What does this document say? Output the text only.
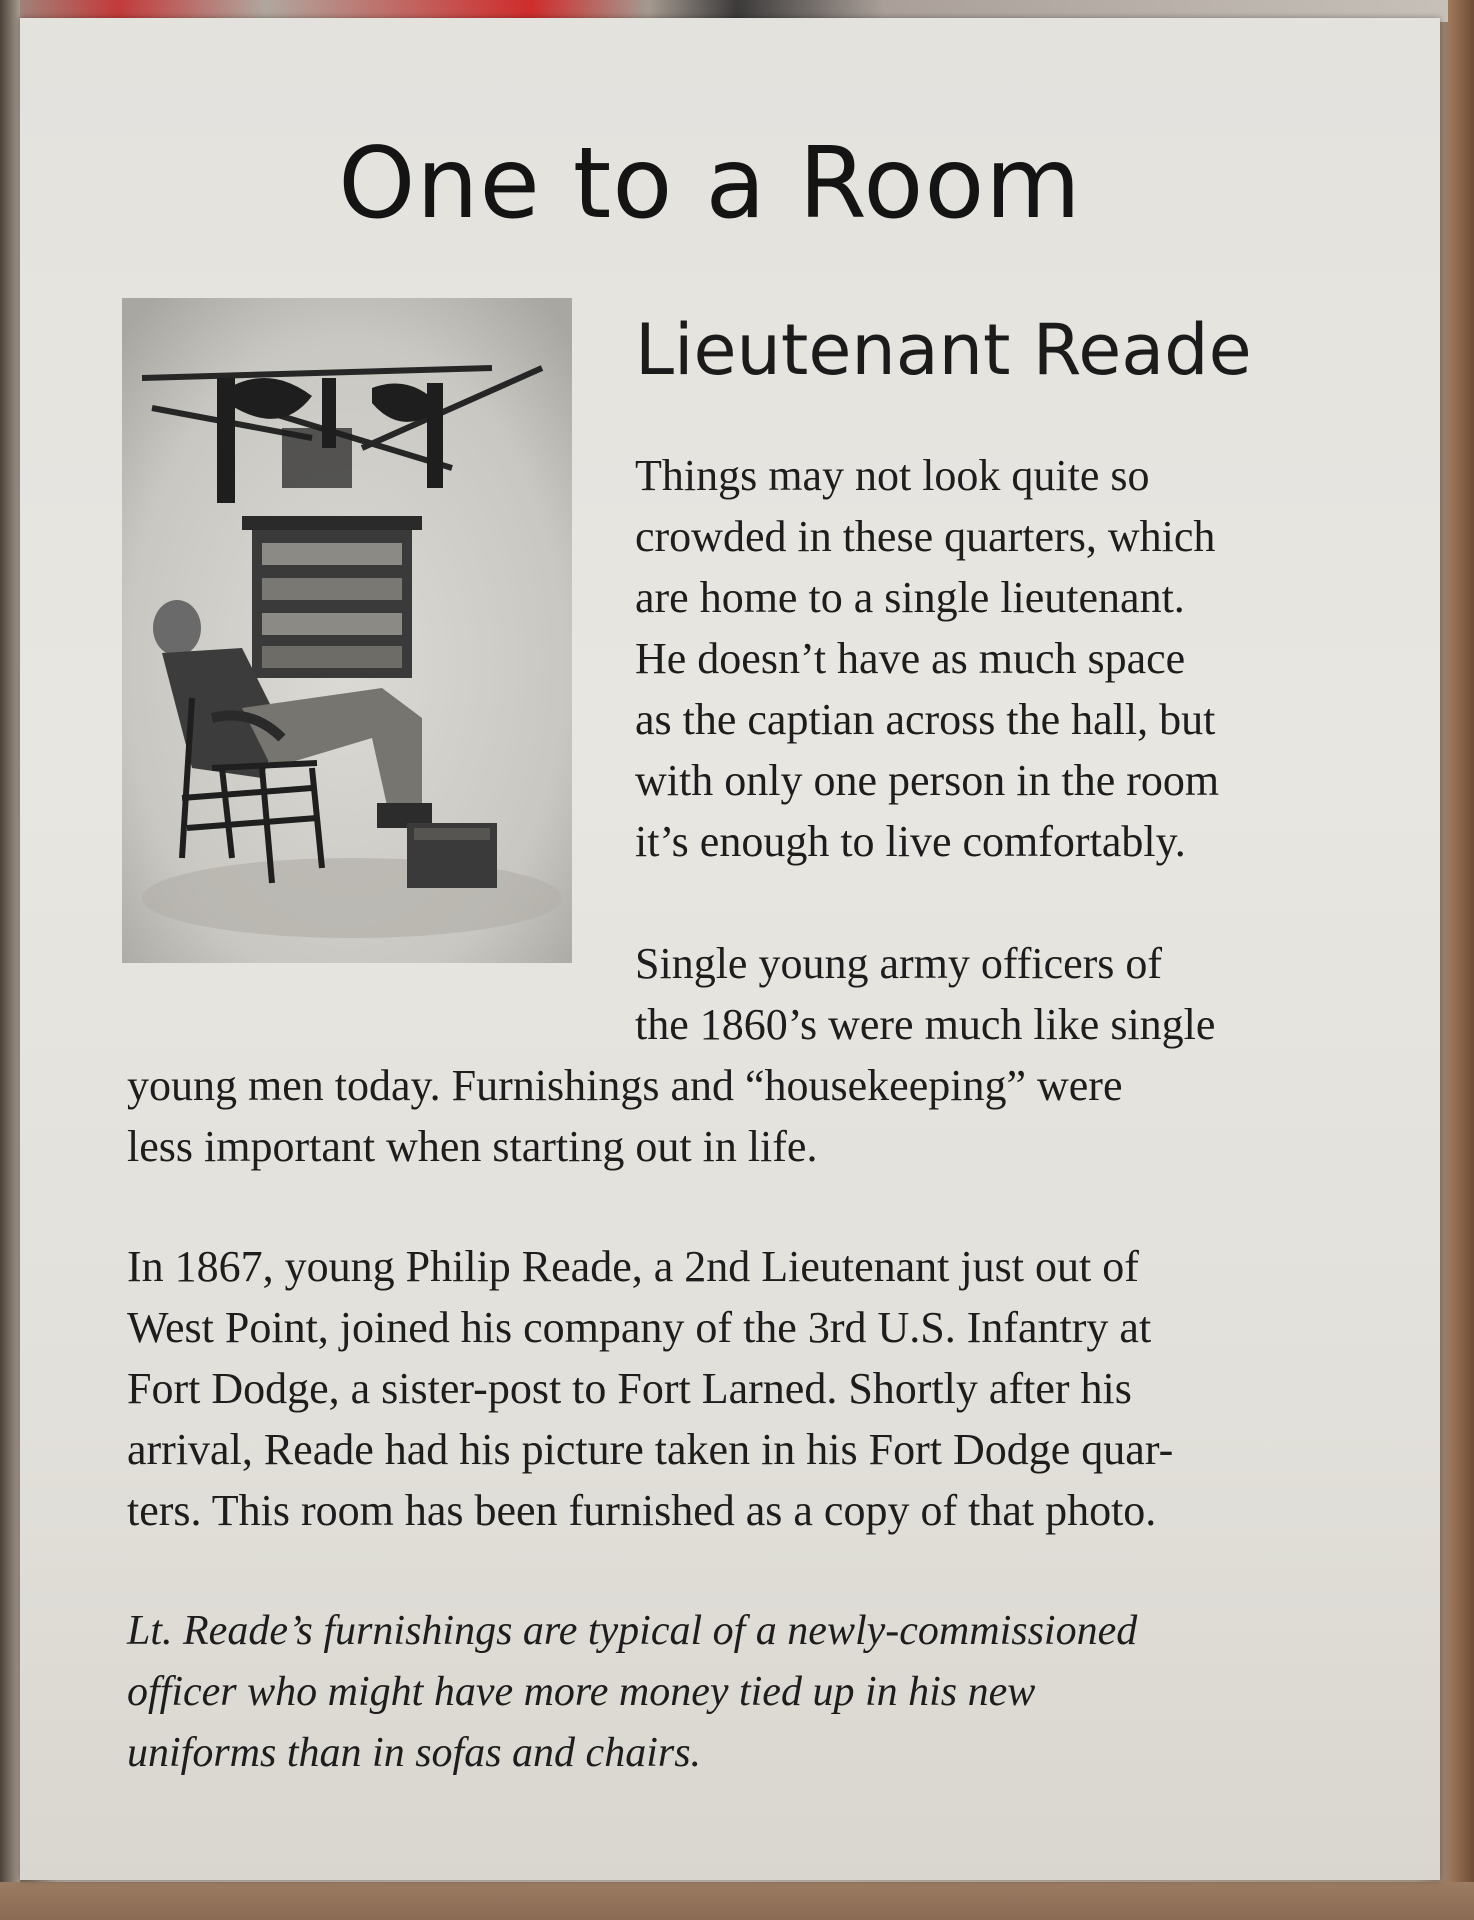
One to a Room
Lieutenant Reade

Things may not look quite so
crowded in these quarters, which
are home to a single lieutenant.
He doesn’t have as much space
as the captian across the hall, but
with only one person in the room
it’s enough to live comfortably.

Single young army officers of
the 1860’s were much like single

young men today. Furnishings and “housekeeping” were
less important when starting out in life.

In 1867, young Philip Reade, a 2nd Lieutenant just out of
West Point, joined his company of the 3rd U.S. Infantry at
Fort Dodge, a sister-post to Fort Larned. Shortly after his
arrival, Reade had his picture taken in his Fort Dodge quar-
ters. This room has been furnished as a copy of that photo.

Lt. Reade’s furnishings are typical of a newly-commissioned
officer who might have more money tied up in his new
uniforms than in sofas and chairs.
